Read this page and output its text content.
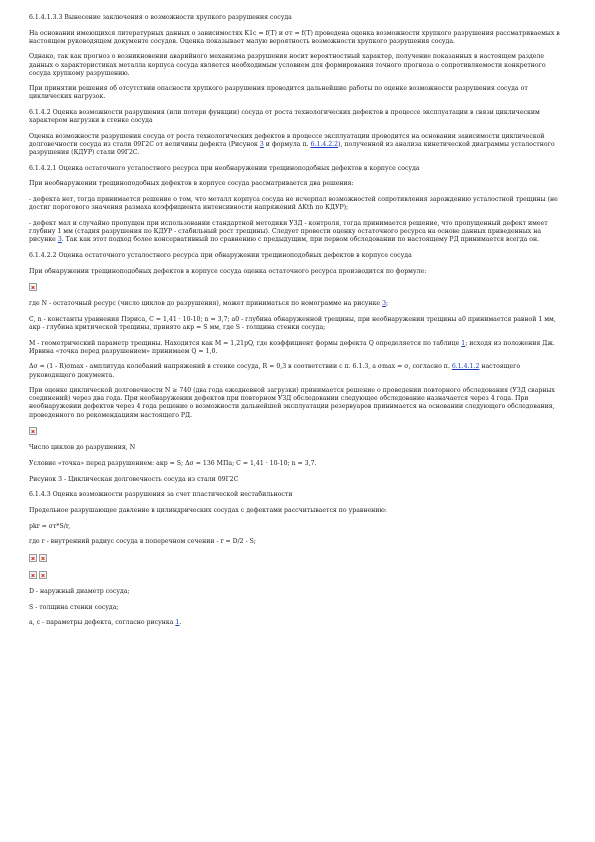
6.1.4.1.3.3 Вынесение заключения о возможности хрупкого разрушения сосуда

На основании имеющихся литературных данных о зависимостях K1c = f(T) и σт = f(T) проведена оценка возможности хрупкого разрушения рассматриваемых в настоящем руководящем документе сосудов. Оценка показывает малую вероятность возможности хрупкого разрушения сосуда.

Однако, так как прогноз о возникновении аварийного механизма разрушения носит вероятностный характер, получение показанных в настоящем разделе данных о характеристиках металла корпуса сосуда является необходимым условием для формирования точного прогноза о сопротивляемости конкретного сосуда хрупкому разрушению.

При принятии решения об отсутствии опасности хрупкого разрушения проводится дальнейшие работы по оценке возможности разрушения сосуда от циклических нагрузок.

6.1.4.2 Оценка возможности разрушения (или потери функции) сосуда от роста технологических дефектов в процессе эксплуатации в связи циклическим характером нагрузки в стенке сосуда

Оценка возможности разрушения сосуда от роста технологических дефектов в процессе эксплуатации проводится на основании зависимости циклической долговечности сосуда из стали 09Г2С от величины дефекта (Рисунок 3 и формула п. 6.1.4.2.2), полученной из анализа кинетической диаграммы усталостного разрушения (КДУР) стали 09Г2С.

6.1.4.2.1 Оценка остаточного усталостного ресурса при необнаружении трещиноподобных дефектов в корпусе сосуда

При необнаружении трещиноподобных дефектов в корпусе сосуда рассматривается два решения:

- дефекта нет, тогда принимается решение о том, что металл корпуса сосуда не исчерпал возможностей сопротивления зарождению усталостной трещины (не достиг порогового значения размаха коэффициента интенсивности напряжений ΔKth по КДУР);

- дефект мал и случайно пропущен при использовании стандартной методики УЗД - контроля, тогда принимается решение, что пропущенный дефект имеет глубину 1 мм (стадия разрушения по КДУР - стабильный рост трещины). Следует провести оценку остаточного ресурса на основе данных приведенных на рисунке 3. Так как этот подход более консервативный по сравнению с предыдущим, при первом обследовании по настоящему РД принимается всегда он.

6.1.4.2.2 Оценка остаточного усталостного ресурса при обнаружении трещиноподобных дефектов в корпусе сосуда

При обнаружении трещиноподобных дефектов в корпусе сосуда оценка остаточного ресурса производится по формуле:

где N - остаточный ресурс (число циклов до разрушения), может приниматься по номограмме на рисунке 3;

С, n - константы уравнения Пэриса, С = 1,41 · 10-10; n = 3,7; a0 - глубина обнаруженной трещины, при необнаружении трещины a0 принимается равной 1 мм, aкр - глубина критической трещины, принято aкр = S мм, где S - толщина стенки сосуда;

M - геометрический параметр трещины. Находится как M = 1,21pQ, где коэффициент формы дефекта Q определяется по таблице 1; исходя из положения Дж. Ирвина «точка перед разрушением» принимаем Q = 1,0.

Δσ = (1 - R)σmax - амплитуда колебаний напряжений в стенке сосуда, R = 0,3 в соответствии с п. 6.1.3, а σmax = σ, согласно п. 6.1.4.1.2 настоящего руководящего документа.

При оценке циклической долговечности N ≥ 740 (два года ежедневной загрузки) принимается решение о проведении повторного обследования (УЗД сварных соединений) через два года. При необнаружении дефектов при повторном УЗД обследовании следующее обследование назначается через 4 года. При необнаружении дефектов через 4 года решение о возможности дальнейшей эксплуатации резервуаров принимается на основании следующего обследования, проведенного по рекомендациям настоящего РД.

Число циклов до разрушения, N

Условие «точка» перед разрушением: aкр = S; Δσ = 136 МПа; С = 1,41 · 10-10; n = 3,7.

Рисунок 3 - Циклическая долговечность сосуда из стали 09Г2С

6.1.4.3 Оценка возможности разрушения за счет пластической нестабильности

Предельное разрушающее давление в цилиндрических сосудах с дефектами рассчитывается по уравнению:

pkr = σт*S/r,

где r - внутренний радиус сосуда в поперечном сечении - r = D/2 - S;

D - наружный диаметр сосуда;

S - толщина стенки сосуда;

a, c - параметры дефекта, согласно рисунка 1.
